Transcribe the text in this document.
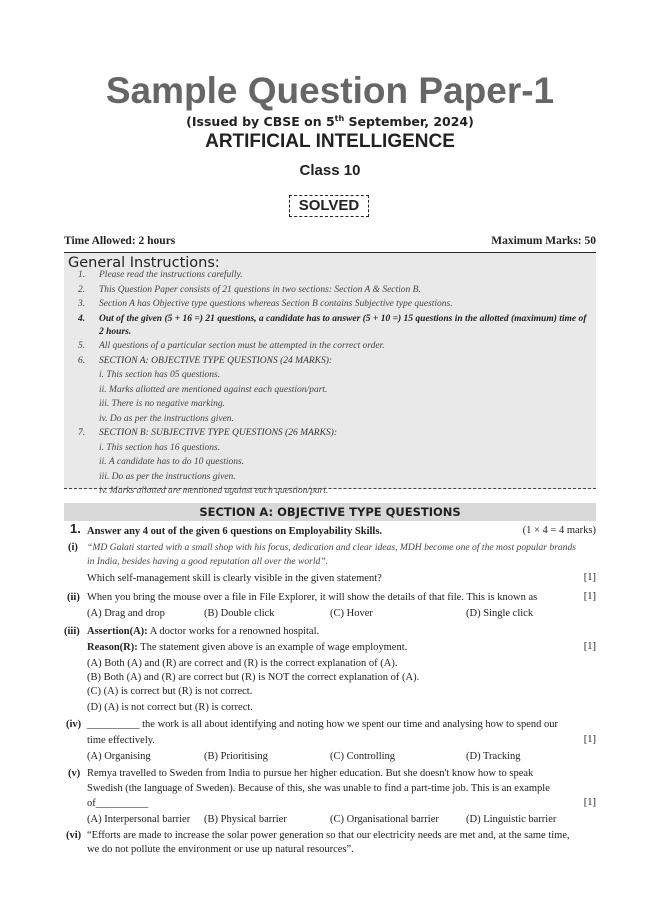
Sample Question Paper-1
(Issued by CBSE on 5th September, 2024)
ARTIFICIAL INTELLIGENCE
Class 10
SOLVED
Time Allowed: 2 hours	Maximum Marks: 50
General Instructions:
1. Please read the instructions carefully.
2. This Question Paper consists of 21 questions in two sections: Section A & Section B.
3. Section A has Objective type questions whereas Section B contains Subjective type questions.
4. Out of the given (5 + 16 =) 21 questions, a candidate has to answer (5 + 10 =) 15 questions in the allotted (maximum) time of 2 hours.
5. All questions of a particular section must be attempted in the correct order.
6. SECTION A: OBJECTIVE TYPE QUESTIONS (24 MARKS):
i. This section has 05 questions.
ii. Marks allotted are mentioned against each question/part.
iii. There is no negative marking.
iv. Do as per the instructions given.
7. SECTION B: SUBJECTIVE TYPE QUESTIONS (26 MARKS):
i. This section has 16 questions.
ii. A candidate has to do 10 questions.
iii. Do as per the instructions given.
iv. Marks allotted are mentioned against each question/part.
SECTION A: OBJECTIVE TYPE QUESTIONS
1. Answer any 4 out of the given 6 questions on Employability Skills.	(1 × 4 = 4 marks)
(i) “MD Galati started with a small shop with his focus, dedication and clear ideas, MDH become one of the most popular brands
in India, besides having a good reputation all over the world”.
Which self-management skill is clearly visible in the given statement?	[1]
(ii) When you bring the mouse over a file in File Explorer, it will show the details of that file. This is known as	[1]
(A) Drag and drop	(B) Double click	(C) Hover	(D) Single click
(iii) Assertion(A): A doctor works for a renowned hospital.
Reason(R): The statement given above is an example of wage employment.	[1]
(A) Both (A) and (R) are correct and (R) is the correct explanation of (A).
(B) Both (A) and (R) are correct but (R) is NOT the correct explanation of (A).
(C) (A) is correct but (R) is not correct.
(D) (A) is not correct but (R) is correct.
(iv) __________ the work is all about identifying and noting how we spent our time and analysing how to spend our
time effectively.	[1]
(A) Organising	(B) Prioritising	(C) Controlling	(D) Tracking
(v) Remya travelled to Sweden from India to pursue her higher education. But she doesn't know how to speak
Swedish (the language of Sweden). Because of this, she was unable to find a part-time job. This is an example
of__________	[1]
(A) Interpersonal barrier (B) Physical barrier	(C) Organisational barrier	(D) Linguistic barrier
(vi) “Efforts are made to increase the solar power generation so that our electricity needs are met and, at the same time,
we do not pollute the environment or use up natural resources”.
